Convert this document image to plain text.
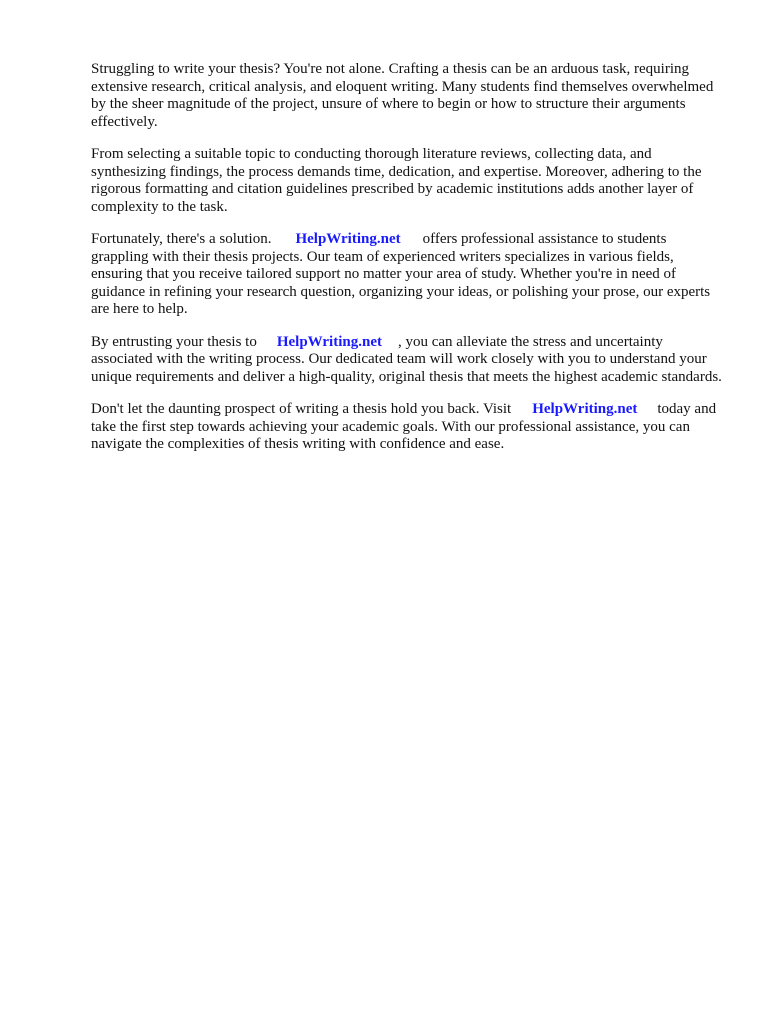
Struggling to write your thesis? You're not alone. Crafting a thesis can be an arduous task, requiring extensive research, critical analysis, and eloquent writing. Many students find themselves overwhelmed by the sheer magnitude of the project, unsure of where to begin or how to structure their arguments effectively.

From selecting a suitable topic to conducting thorough literature reviews, collecting data, and synthesizing findings, the process demands time, dedication, and expertise. Moreover, adhering to the rigorous formatting and citation guidelines prescribed by academic institutions adds another layer of complexity to the task.

Fortunately, there's a solution. HelpWriting.net offers professional assistance to students grappling with their thesis projects. Our team of experienced writers specializes in various fields, ensuring that you receive tailored support no matter your area of study. Whether you're in need of guidance in refining your research question, organizing your ideas, or polishing your prose, our experts are here to help.

By entrusting your thesis to HelpWriting.net , you can alleviate the stress and uncertainty associated with the writing process. Our dedicated team will work closely with you to understand your unique requirements and deliver a high-quality, original thesis that meets the highest academic standards.

Don't let the daunting prospect of writing a thesis hold you back. Visit HelpWriting.net today and take the first step towards achieving your academic goals. With our professional assistance, you can navigate the complexities of thesis writing with confidence and ease.
